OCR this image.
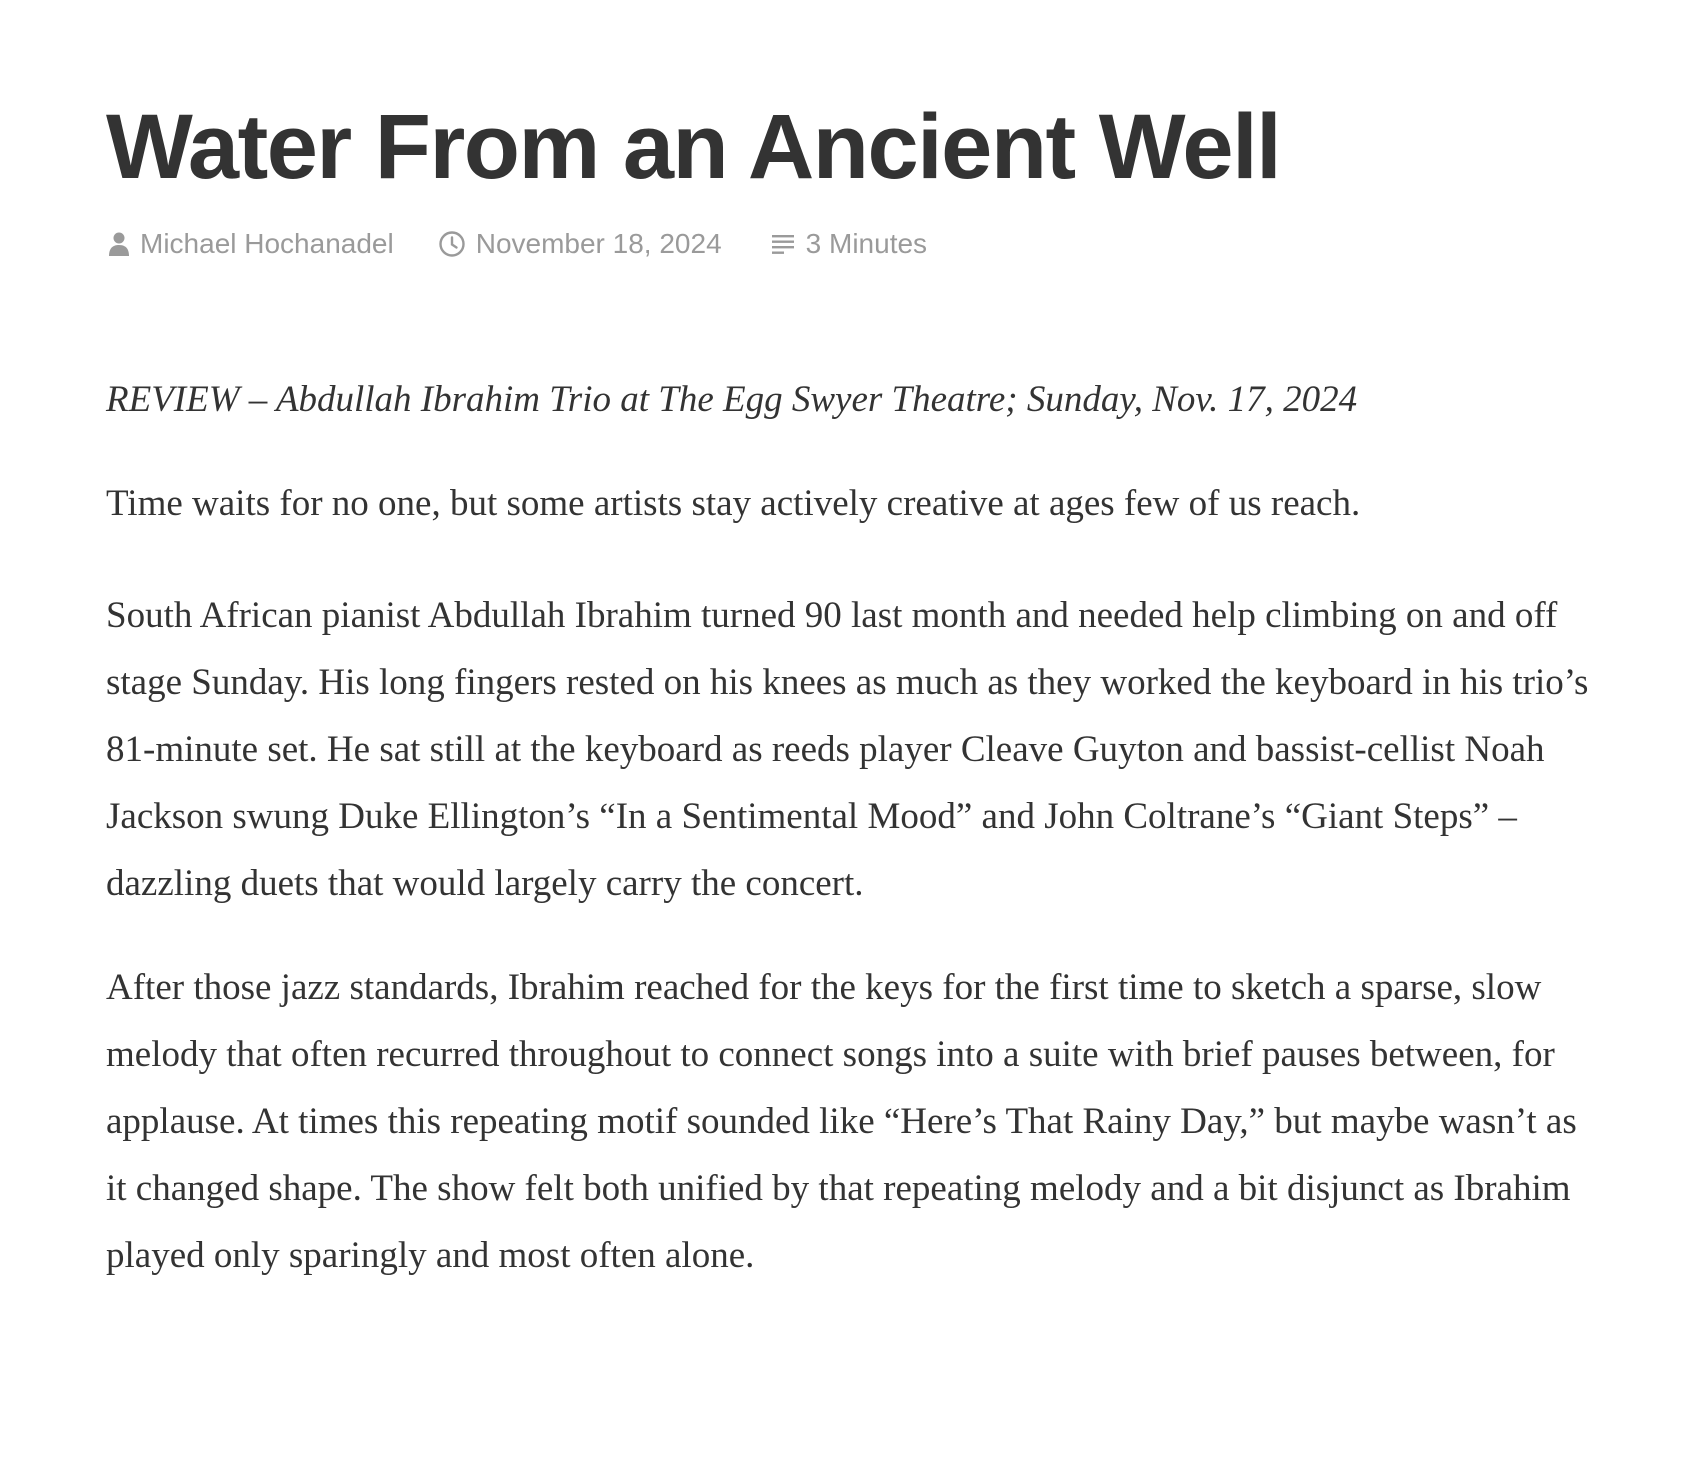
Water From an Ancient Well
Michael Hochanadel	November 18, 2024	3 Minutes

REVIEW – Abdullah Ibrahim Trio at The Egg Swyer Theatre; Sunday, Nov. 17, 2024

Time waits for no one, but some artists stay actively creative at ages few of us reach.

South African pianist Abdullah Ibrahim turned 90 last month and needed help climbing on and off stage Sunday. His long fingers rested on his knees as much as they worked the keyboard in his trio’s 81-minute set. He sat still at the keyboard as reeds player Cleave Guyton and bassist-cellist Noah Jackson swung Duke Ellington’s “In a Sentimental Mood” and John Coltrane’s “Giant Steps” – dazzling duets that would largely carry the concert.

After those jazz standards, Ibrahim reached for the keys for the first time to sketch a sparse, slow melody that often recurred throughout to connect songs into a suite with brief pauses between, for applause. At times this repeating motif sounded like “Here’s That Rainy Day,” but maybe wasn’t as it changed shape. The show felt both unified by that repeating melody and a bit disjunct as Ibrahim played only sparingly and most often alone.
